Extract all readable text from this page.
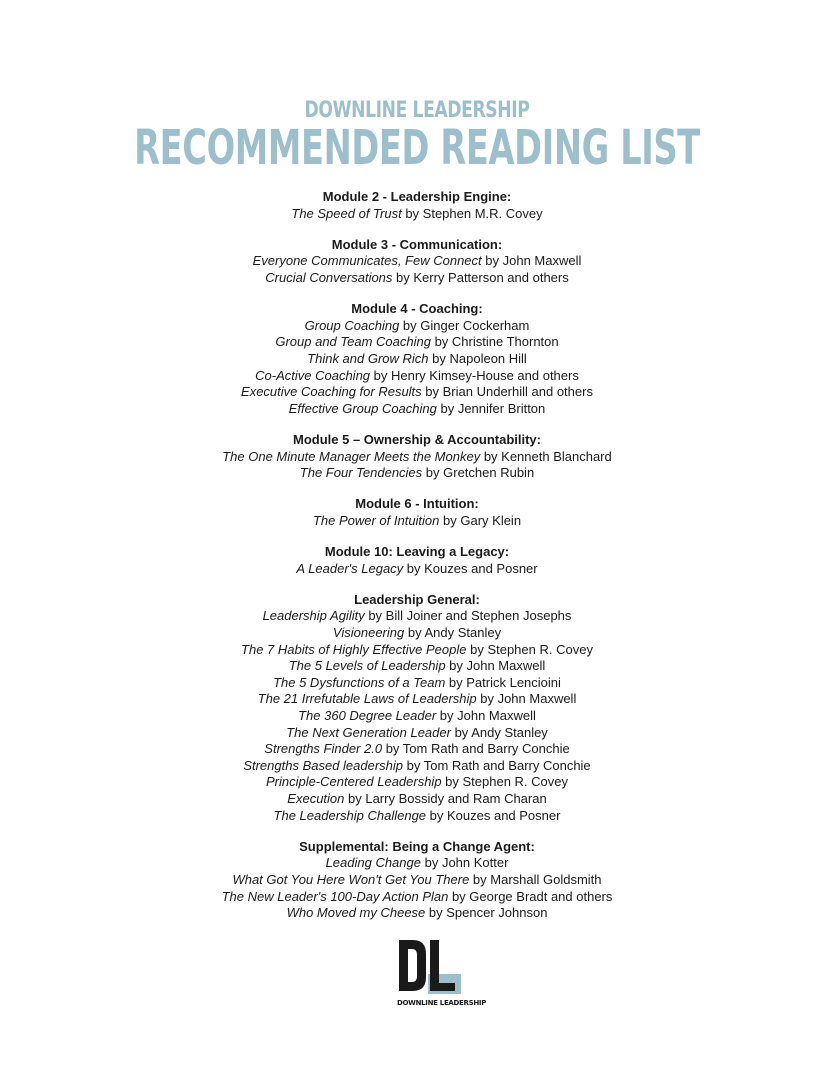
DOWNLINE LEADERSHIP
RECOMMENDED READING LIST
Module 2 - Leadership Engine:
The Speed of Trust by Stephen M.R. Covey
Module 3 - Communication:
Everyone Communicates, Few Connect by John Maxwell
Crucial Conversations by Kerry Patterson and others
Module 4 - Coaching:
Group Coaching by Ginger Cockerham
Group and Team Coaching by Christine Thornton
Think and Grow Rich by Napoleon Hill
Co-Active Coaching by Henry Kimsey-House and others
Executive Coaching for Results by Brian Underhill and others
Effective Group Coaching by Jennifer Britton
Module 5 – Ownership & Accountability:
The One Minute Manager Meets the Monkey by Kenneth Blanchard
The Four Tendencies by Gretchen Rubin
Module 6 - Intuition:
The Power of Intuition by Gary Klein
Module 10: Leaving a Legacy:
A Leader's Legacy by Kouzes and Posner
Leadership General:
Leadership Agility by Bill Joiner and Stephen Josephs
Visioneering by Andy Stanley
The 7 Habits of Highly Effective People by Stephen R. Covey
The 5 Levels of Leadership by John Maxwell
The 5 Dysfunctions of a Team by Patrick Lencioini
The 21 Irrefutable Laws of Leadership by John Maxwell
The 360 Degree Leader by John Maxwell
The Next Generation Leader by Andy Stanley
Strengths Finder 2.0 by Tom Rath and Barry Conchie
Strengths Based leadership by Tom Rath and Barry Conchie
Principle-Centered Leadership by Stephen R. Covey
Execution by Larry Bossidy and Ram Charan
The Leadership Challenge by Kouzes and Posner
Supplemental: Being a Change Agent:
Leading Change by John Kotter
What Got You Here Won't Get You There by Marshall Goldsmith
The New Leader's 100-Day Action Plan by George Bradt and others
Who Moved my Cheese by Spencer Johnson
DOWNLINE LEADERSHIP
